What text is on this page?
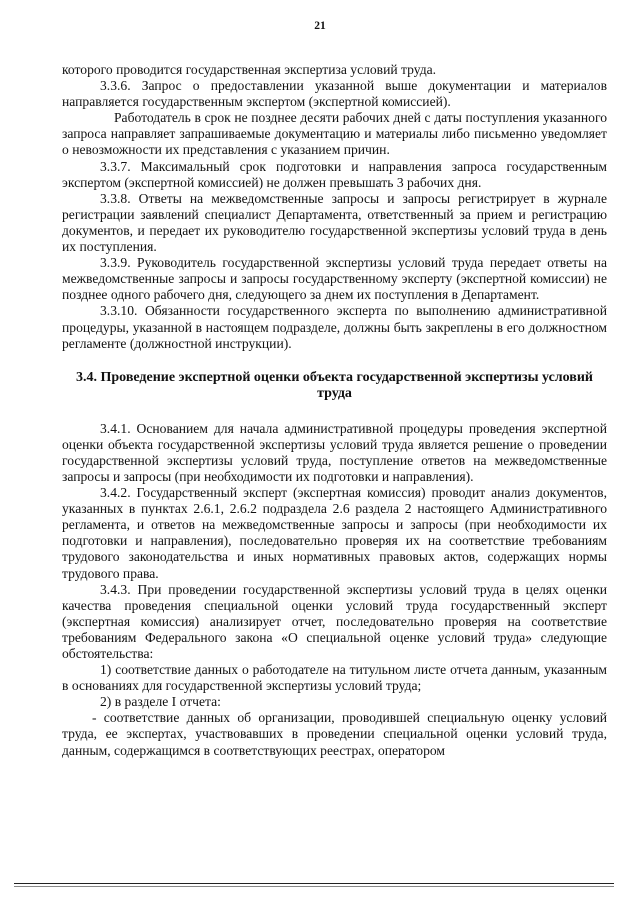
21

которого проводится государственная экспертиза условий труда.

3.3.6. Запрос о предоставлении указанной выше документации и материалов направляется государственным экспертом (экспертной комиссией).

Работодатель в срок не позднее десяти рабочих дней с даты поступления указанного запроса направляет запрашиваемые документацию и материалы либо письменно уведомляет о невозможности их представления с указанием причин.

3.3.7. Максимальный срок подготовки и направления запроса государственным экспертом (экспертной комиссией) не должен превышать 3 рабочих дня.

3.3.8. Ответы на межведомственные запросы и запросы регистрирует в журнале регистрации заявлений специалист Департамента, ответственный за прием и регистрацию документов, и передает их руководителю государственной экспертизы условий труда в день их поступления.

3.3.9. Руководитель государственной экспертизы условий труда передает ответы на межведомственные запросы и запросы государственному эксперту (экспертной комиссии) не позднее одного рабочего дня, следующего за днем их поступления в Департамент.

3.3.10. Обязанности государственного эксперта по выполнению административной процедуры, указанной в настоящем подразделе, должны быть закреплены в его должностном регламенте (должностной инструкции).

3.4. Проведение экспертной оценки объекта государственной экспертизы условий труда

3.4.1. Основанием для начала административной процедуры проведения экспертной оценки объекта государственной экспертизы условий труда является решение о проведении государственной экспертизы условий труда, поступление ответов на межведомственные запросы и запросы (при необходимости их подготовки и направления).

3.4.2. Государственный эксперт (экспертная комиссия) проводит анализ документов, указанных в пунктах 2.6.1, 2.6.2 подраздела 2.6 раздела 2 настоящего Административного регламента, и ответов на межведомственные запросы и запросы (при необходимости их подготовки и направления), последовательно проверяя их на соответствие требованиям трудового законодательства и иных нормативных правовых актов, содержащих нормы трудового права.

3.4.3. При проведении государственной экспертизы условий труда в целях оценки качества проведения специальной оценки условий труда государственный эксперт (экспертная комиссия) анализирует отчет, последовательно проверяя на соответствие требованиям Федерального закона «О специальной оценке условий труда» следующие обстоятельства:

1) соответствие данных о работодателе на титульном листе отчета данным, указанным в основаниях для государственной экспертизы условий труда;

2) в разделе I отчета:

- соответствие данных об организации, проводившей специальную оценку условий труда, ее экспертах, участвовавших в проведении специальной оценки условий труда, данным, содержащимся в соответствующих реестрах, оператором
